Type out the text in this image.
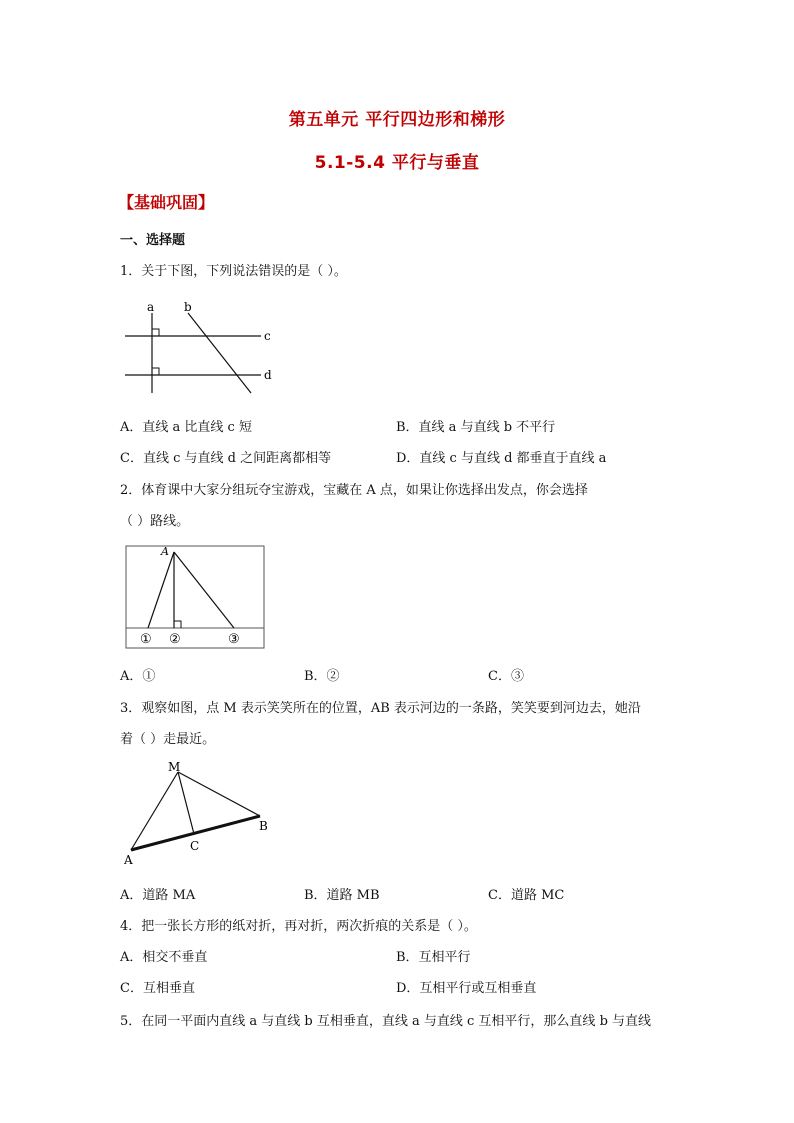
第五单元 平行四边形和梯形
5.1-5.4 平行与垂直
【基础巩固】
一、选择题
1．关于下图，下列说法错误的是（ ）。
a b
c
d
A．直线 a 比直线 c 短	B．直线 a 与直线 b 不平行
C．直线 c 与直线 d 之间距离都相等	D．直线 c 与直线 d 都垂直于直线 a
2．体育课中大家分组玩夺宝游戏，宝藏在 A 点，如果让你选择出发点，你会选择
（ ）路线。
A
① ②	③
A．①	B．②	C．③
3．观察如图，点 M 表示笑笑所在的位置，AB 表示河边的一条路，笑笑要到河边去，她沿
着（ ）走最近。
M
A
B
C
A．道路 MA	B．道路 MB	C．道路 MC
4．把一张长方形的纸对折，再对折，两次折痕的关系是（ ）。
A．相交不垂直	B．互相平行
C．互相垂直	D．互相平行或互相垂直
5．在同一平面内直线 a 与直线 b 互相垂直，直线 a 与直线 c 互相平行，那么直线 b 与直线
